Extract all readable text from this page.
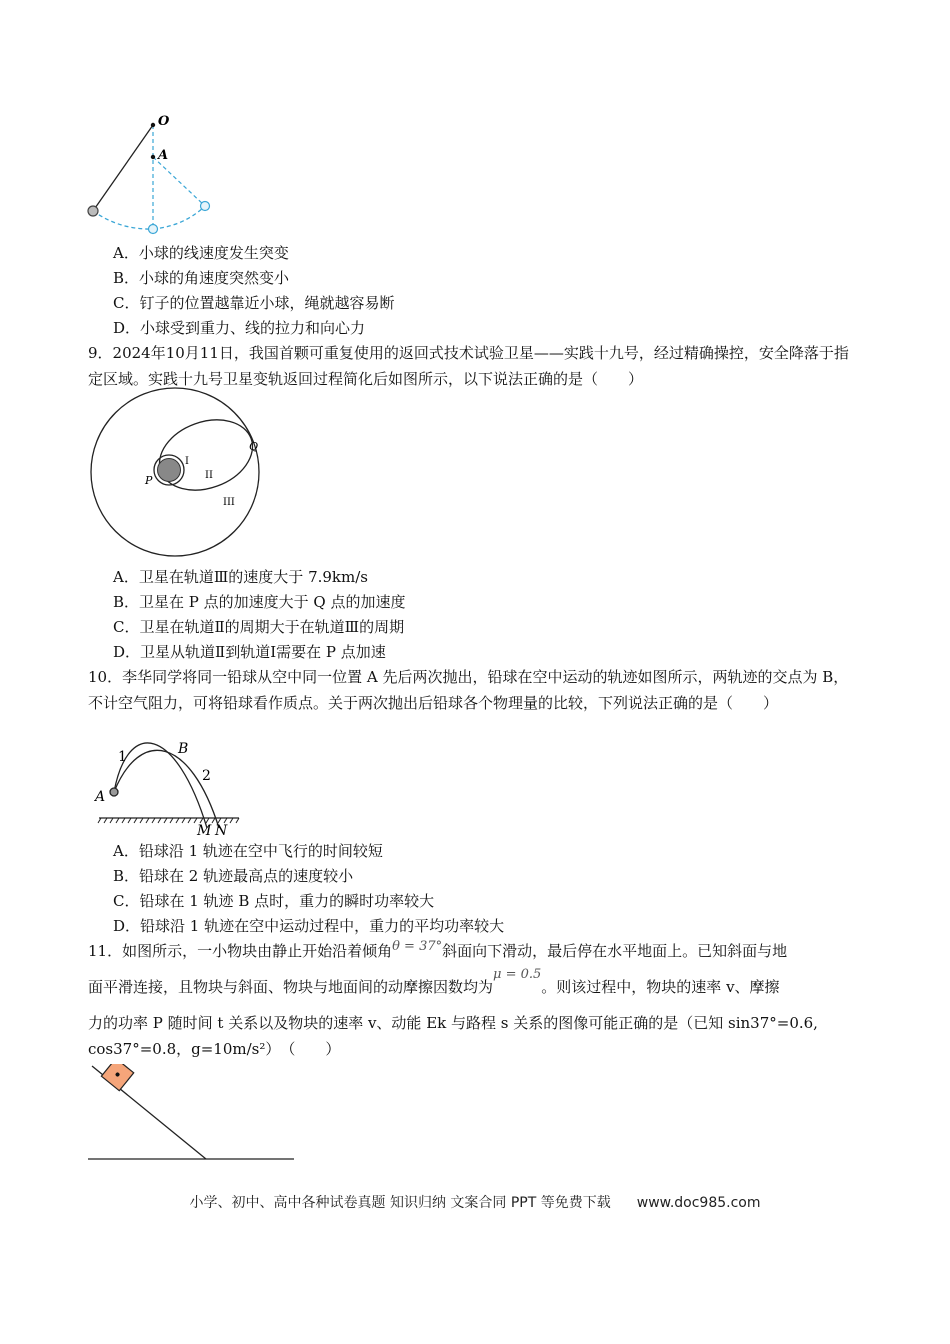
O
A
A．小球的线速度发生突变
B．小球的角速度突然变小
C．钉子的位置越靠近小球，绳就越容易断
D．小球受到重力、线的拉力和向心力
9．2024年10月11日，我国首颗可重复使用的返回式技术试验卫星——实践十九号，经过精确操控，安全降落于指定区域。实践十九号卫星变轨返回过程简化后如图所示，以下说法正确的是（　　）
Q
P
I
II
III
A．卫星在轨道Ⅲ的速度大于 7.9km/s
B．卫星在 P 点的加速度大于 Q 点的加速度
C．卫星在轨道Ⅱ的周期大于在轨道Ⅲ的周期
D．卫星从轨道Ⅱ到轨道Ⅰ需要在 P 点加速
10．李华同学将同一铅球从空中同一位置 A 先后两次抛出，铅球在空中运动的轨迹如图所示，两轨迹的交点为 B，不计空气阻力，可将铅球看作质点。关于两次抛出后铅球各个物理量的比较，下列说法正确的是（　　）
A
B
1
2
M N
A．铅球沿 1 轨迹在空中飞行的时间较短
B．铅球在 2 轨迹最高点的速度较小
C．铅球在 1 轨迹 B 点时，重力的瞬时功率较大
D．铅球沿 1 轨迹在空中运动过程中，重力的平均功率较大
11．如图所示，一小物块由静止开始沿着倾角θ = 37°斜面向下滑动，最后停在水平地面上。已知斜面与地
面平滑连接，且物块与斜面、物块与地面间的动摩擦因数均为μ = 0.5。则该过程中，物块的速率 v、摩擦
力的功率 P 随时间 t 关系以及物块的速率 v、动能 Ek 与路程 s 关系的图像可能正确的是（已知 sin37°=0.6,
cos37°=0.8，g=10m/s²）　（　　）
小学、初中、高中各种试卷真题 知识归纳 文案合同 PPT 等免费下载 www.doc985.com
